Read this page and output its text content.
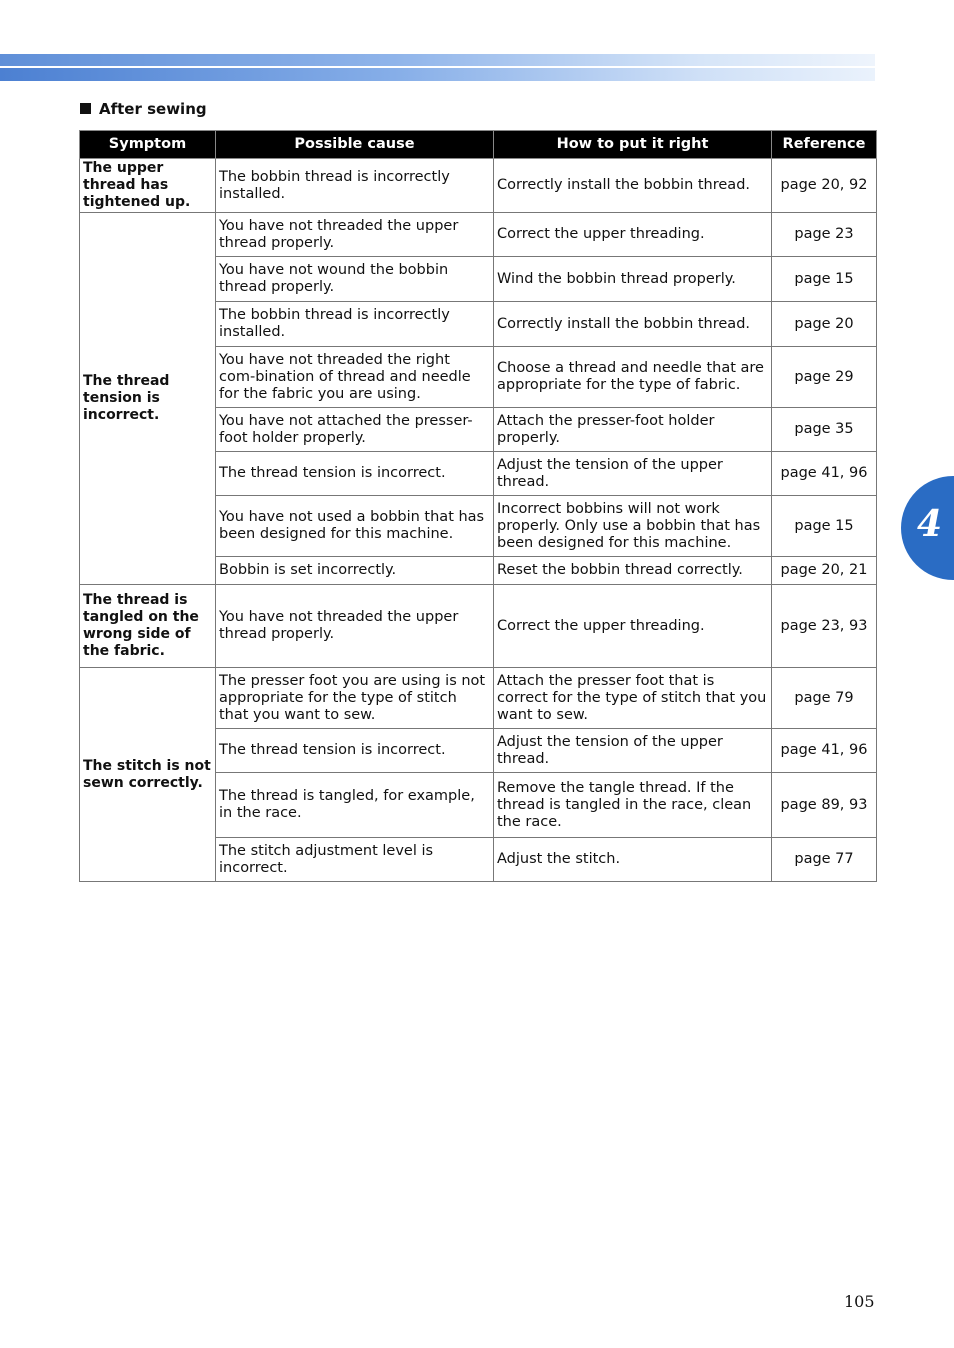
4
After sewing
Symptom	Possible cause	How to put it right	Reference
The upper thread has tightened up.	The bobbin thread is incorrectly installed.	Correctly install the bobbin thread.	page 20, 92
The thread tension is incorrect.	You have not threaded the upper thread properly.	Correct the upper threading.	page 23
	You have not wound the bobbin thread properly.	Wind the bobbin thread properly.	page 15
	The bobbin thread is incorrectly installed.	Correctly install the bobbin thread.	page 20
	You have not threaded the right com-bination of thread and needle for the fabric you are using.	Choose a thread and needle that are appropriate for the type of fabric.	page 29
	You have not attached the presser-foot holder properly.	Attach the presser-foot holder properly.	page 35
	The thread tension is incorrect.	Adjust the tension of the upper thread.	page 41, 96
	You have not used a bobbin that has been designed for this machine.	Incorrect bobbins will not work properly. Only use a bobbin that has been designed for this machine.	page 15
	Bobbin is set incorrectly.	Reset the bobbin thread correctly.	page 20, 21
The thread is tangled on the wrong side of the fabric.	You have not threaded the upper thread properly.	Correct the upper threading.	page 23, 93
The stitch is not sewn correctly.	The presser foot you are using is not appropriate for the type of stitch that you want to sew.	Attach the presser foot that is correct for the type of stitch that you want to sew.	page 79
	The thread tension is incorrect.	Adjust the tension of the upper thread.	page 41, 96
	The thread is tangled, for example, in the race.	Remove the tangle thread. If the thread is tangled in the race, clean the race.	page 89, 93
	The stitch adjustment level is incorrect.	Adjust the stitch.	page 77
105
